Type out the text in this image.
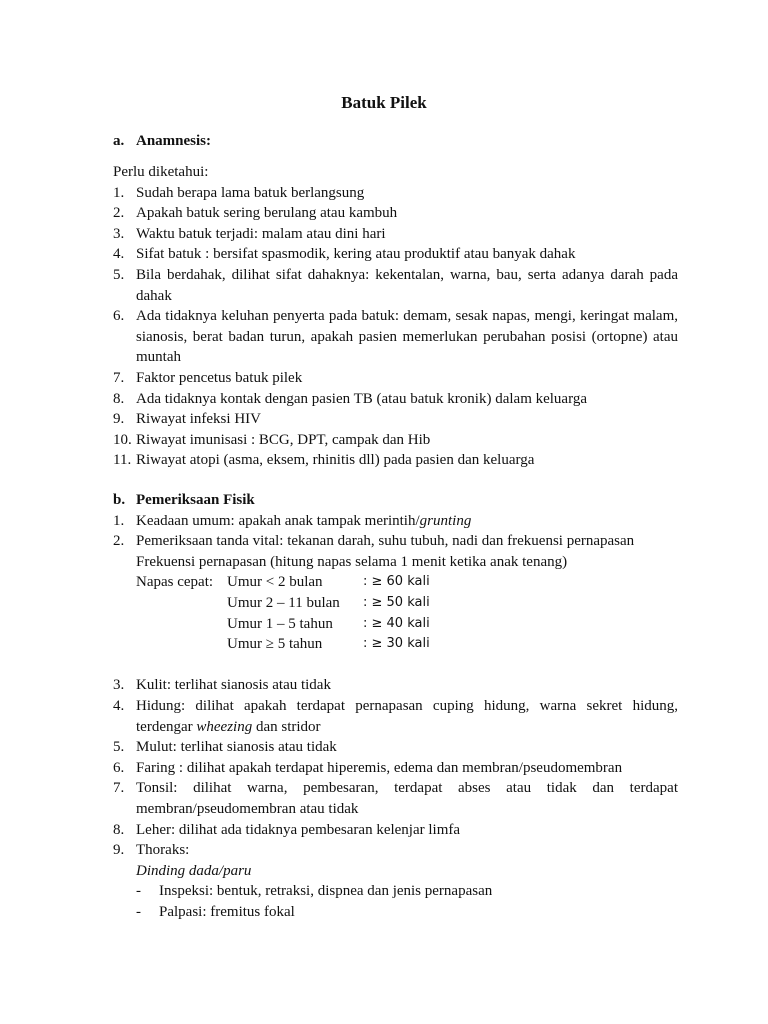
Batuk Pilek
a. Anamnesis:
Perlu diketahui:
1. Sudah berapa lama batuk berlangsung
2. Apakah batuk sering berulang atau kambuh
3. Waktu batuk terjadi: malam atau dini hari
4. Sifat batuk : bersifat spasmodik, kering atau produktif atau banyak dahak
5. Bila berdahak, dilihat sifat dahaknya: kekentalan, warna, bau, serta adanya darah pada dahak
6. Ada tidaknya keluhan penyerta pada batuk: demam, sesak napas, mengi, keringat malam, sianosis, berat badan turun, apakah pasien memerlukan perubahan posisi (ortopne) atau muntah
7. Faktor pencetus batuk pilek
8. Ada tidaknya kontak dengan pasien TB (atau batuk kronik) dalam keluarga
9. Riwayat infeksi HIV
10. Riwayat imunisasi : BCG, DPT, campak dan Hib
11. Riwayat atopi (asma, eksem, rhinitis dll) pada pasien dan keluarga
b. Pemeriksaan Fisik
1. Keadaan umum: apakah anak tampak merintih/grunting
2. Pemeriksaan tanda vital: tekanan darah, suhu tubuh, nadi dan frekuensi pernapasan
Frekuensi pernapasan (hitung napas selama 1 menit ketika anak tenang)
Napas cepat: Umur < 2 bulan	: ≥ 60 kali
Umur 2 – 11 bulan	: ≥ 50 kali
Umur 1 – 5 tahun	: ≥ 40 kali
Umur ≥ 5 tahun	: ≥ 30 kali
3. Kulit: terlihat sianosis atau tidak
4. Hidung: dilihat apakah terdapat pernapasan cuping hidung, warna sekret hidung, terdengar wheezing dan stridor
5. Mulut: terlihat sianosis atau tidak
6. Faring : dilihat apakah terdapat hiperemis, edema dan membran/pseudomembran
7. Tonsil: dilihat warna, pembesaran, terdapat abses atau tidak dan terdapat membran/pseudomembran atau tidak
8. Leher: dilihat ada tidaknya pembesaran kelenjar limfa
9. Thoraks:
Dinding dada/paru
-	Inspeksi: bentuk, retraksi, dispnea dan jenis pernapasan
-	Palpasi: fremitus fokal
